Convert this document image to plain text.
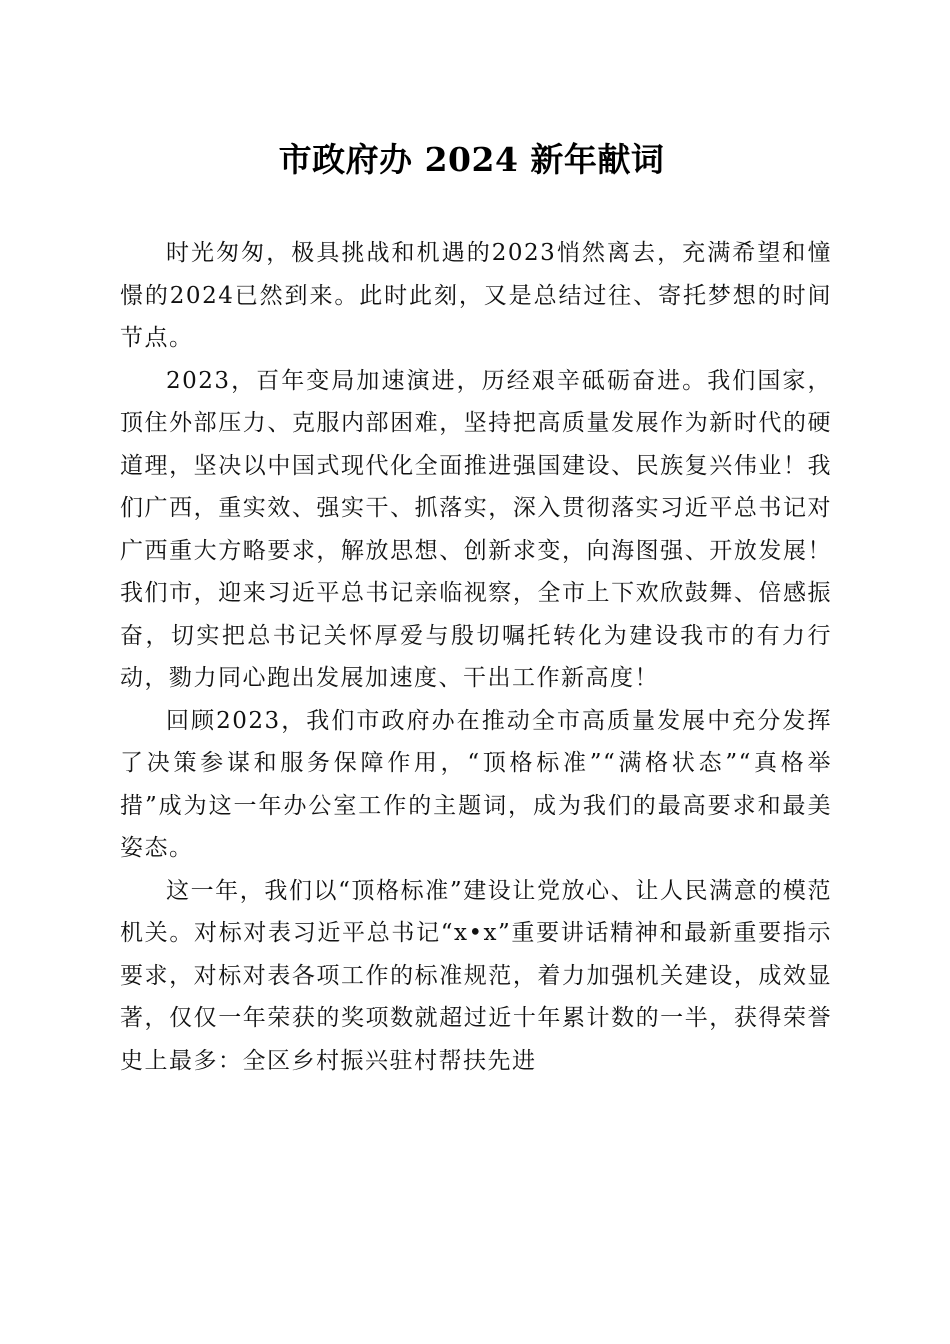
市政府办 2024 新年献词

时光匆匆，极具挑战和机遇的2023悄然离去，充满希望和憧憬的2024已然到来。此时此刻，又是总结过往、寄托梦想的时间节点。

2023，百年变局加速演进，历经艰辛砥砺奋进。我们国家，顶住外部压力、克服内部困难，坚持把高质量发展作为新时代的硬道理，坚决以中国式现代化全面推进强国建设、民族复兴伟业！我们广西，重实效、强实干、抓落实，深入贯彻落实习近平总书记对广西重大方略要求，解放思想、创新求变，向海图强、开放发展！我们市，迎来习近平总书记亲临视察，全市上下欢欣鼓舞、倍感振奋，切实把总书记关怀厚爱与殷切嘱托转化为建设我市的有力行动，勠力同心跑出发展加速度、干出工作新高度！

回顾2023，我们市政府办在推动全市高质量发展中充分发挥了决策参谋和服务保障作用，“顶格标准”“满格状态”“真格举措”成为这一年办公室工作的主题词，成为我们的最高要求和最美姿态。

这一年，我们以“顶格标准”建设让党放心、让人民满意的模范机关。对标对表习近平总书记“x•x”重要讲话精神和最新重要指示要求，对标对表各项工作的标准规范，着力加强机关建设，成效显著，仅仅一年荣获的奖项数就超过近十年累计数的一半，获得荣誉史上最多：全区乡村振兴驻村帮扶先进
